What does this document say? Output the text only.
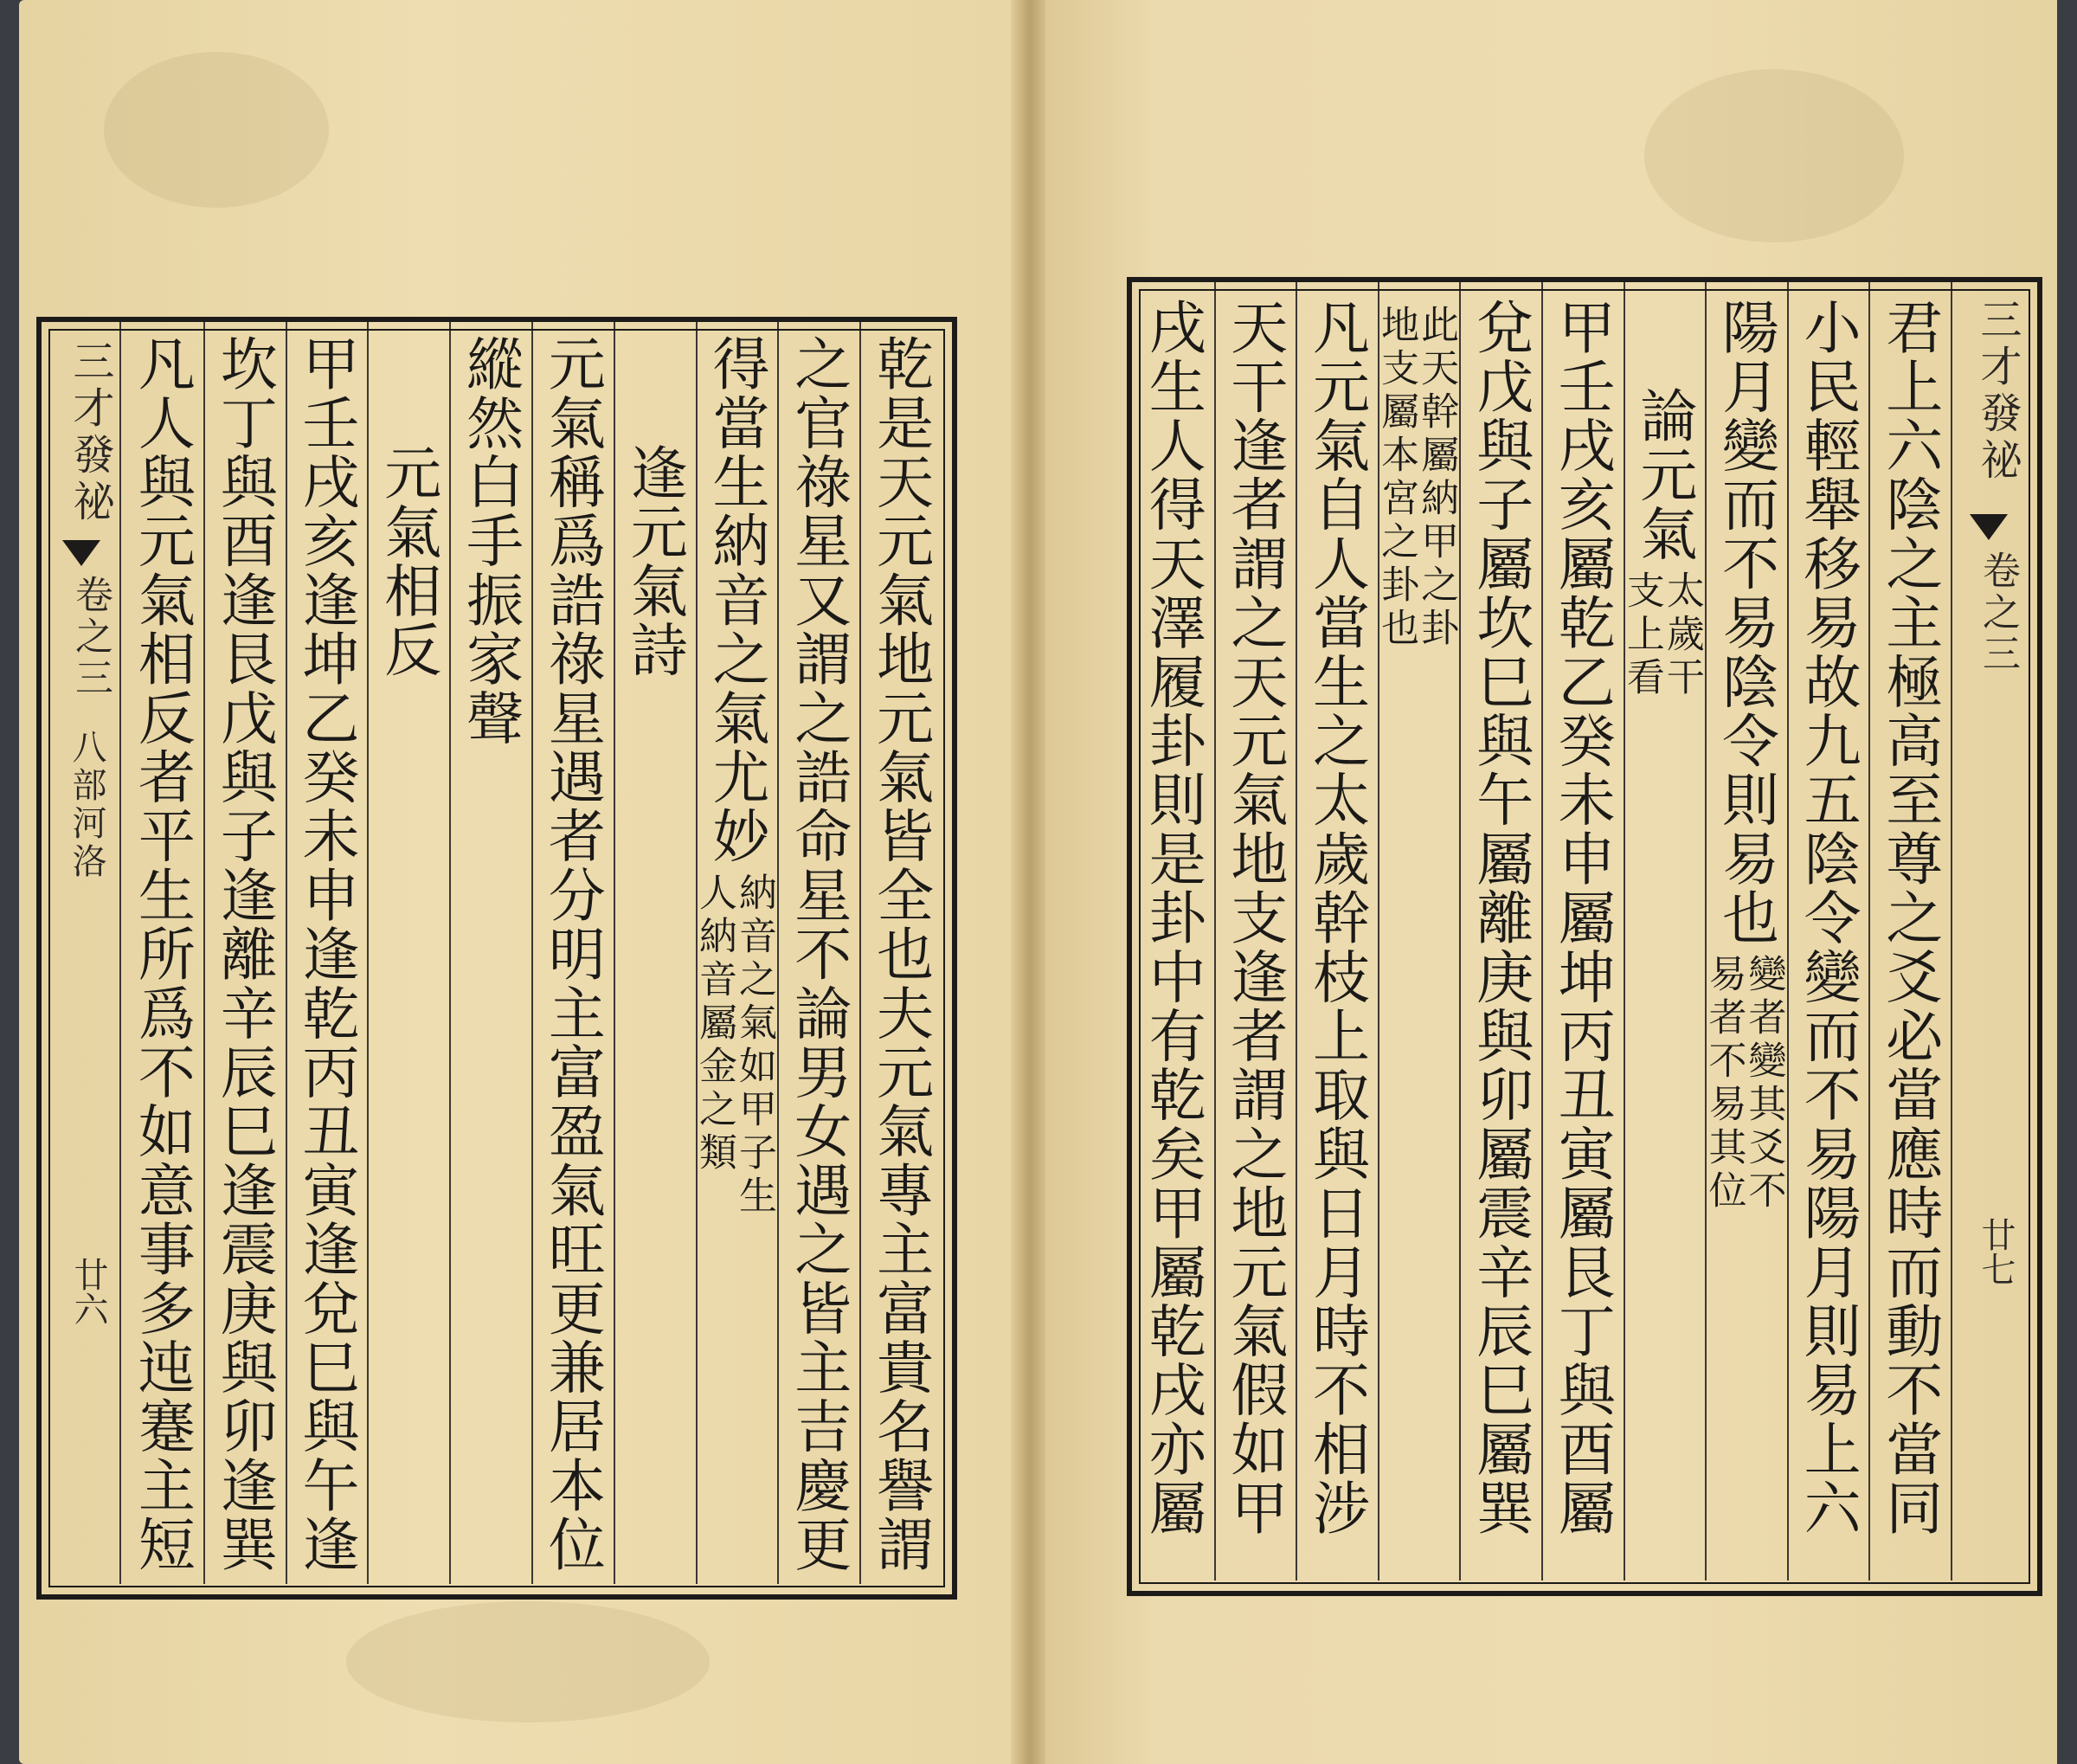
三才發祕
卷之三
八部河洛
廿六	乾是天元氣地元氣皆全也夫元氣專主富貴名譽謂
之官祿星又謂之誥命星不論男女遇之皆主吉慶更
得當生納音之氣尤妙
納音之氣如甲子生
人納音屬金之類
逢元氣詩
元氣稱爲誥祿星遇者分明主富盈氣旺更兼居本位
縱然白手振家聲
元氣相反
甲壬戌亥逢坤乙癸未申逢乾丙丑寅逢兌巳與午逢
坎丁與酉逢艮戊與子逢離辛辰巳逢震庚與卯逢巽
凡人與元氣相反者平生所爲不如意事多迍蹇主短	君上六陰之主極高至尊之爻必當應時而動不當同
小民輕舉移易故九五陰令變而不易陽月則易上六
陽月變而不易陰令則易也
變者變其爻不
易者不易其位
論元氣
太歲干
支上看
甲壬戌亥屬乾乙癸未申屬坤丙丑寅屬艮丁與酉屬
兌戊與子屬坎巳與午屬離庚與卯屬震辛辰巳屬巽
此天幹屬納甲之卦
地支屬本宮之卦也
凡元氣自人當生之太歲幹枝上取與日月時不相涉
天干逢者謂之天元氣地支逢者謂之地元氣假如甲
戌生人得天澤履卦則是卦中有乾矣甲屬乾戌亦屬	三才發祕
卷之三
廿七
